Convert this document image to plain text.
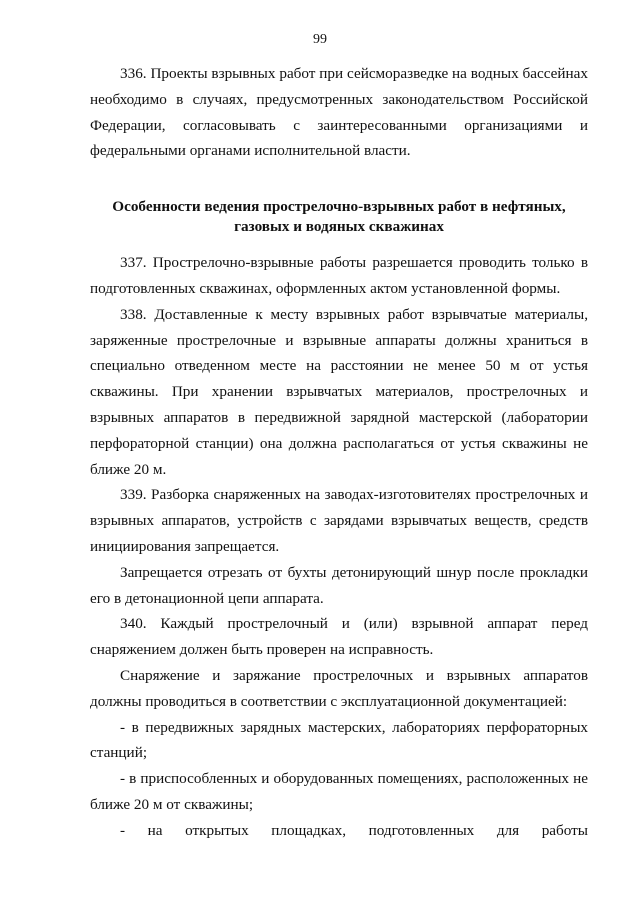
99

336. Проекты взрывных работ при сейсморазведке на водных бассейнах необходимо в случаях, предусмотренных законодательством Российской Федерации, согласовывать с заинтересованными организациями и федеральными органами исполнительной власти.

Особенности ведения прострелочно-взрывных работ в нефтяных,
газовых и водяных скважинах

337. Прострелочно-взрывные работы разрешается проводить только в подготовленных скважинах, оформленных актом установленной формы.

338. Доставленные к месту взрывных работ взрывчатые материалы, заряженные прострелочные и взрывные аппараты должны храниться в специально отведенном месте на расстоянии не менее 50 м от устья скважины. При хранении взрывчатых материалов, прострелочных и взрывных аппаратов в передвижной зарядной мастерской (лаборатории перфораторной станции) она должна располагаться от устья скважины не ближе 20 м.

339. Разборка снаряженных на заводах-изготовителях прострелочных и взрывных аппаратов, устройств с зарядами взрывчатых веществ, средств инициирования запрещается.

Запрещается отрезать от бухты детонирующий шнур после прокладки его в детонационной цепи аппарата.

340. Каждый прострелочный и (или) взрывной аппарат перед снаряжением должен быть проверен на исправность.

Снаряжение и заряжание прострелочных и взрывных аппаратов должны проводиться в соответствии с эксплуатационной документацией:

- в передвижных зарядных мастерских, лабораториях перфораторных станций;

- в приспособленных и оборудованных помещениях, расположенных не ближе 20 м от скважины;

- на открытых площадках, подготовленных для работы
